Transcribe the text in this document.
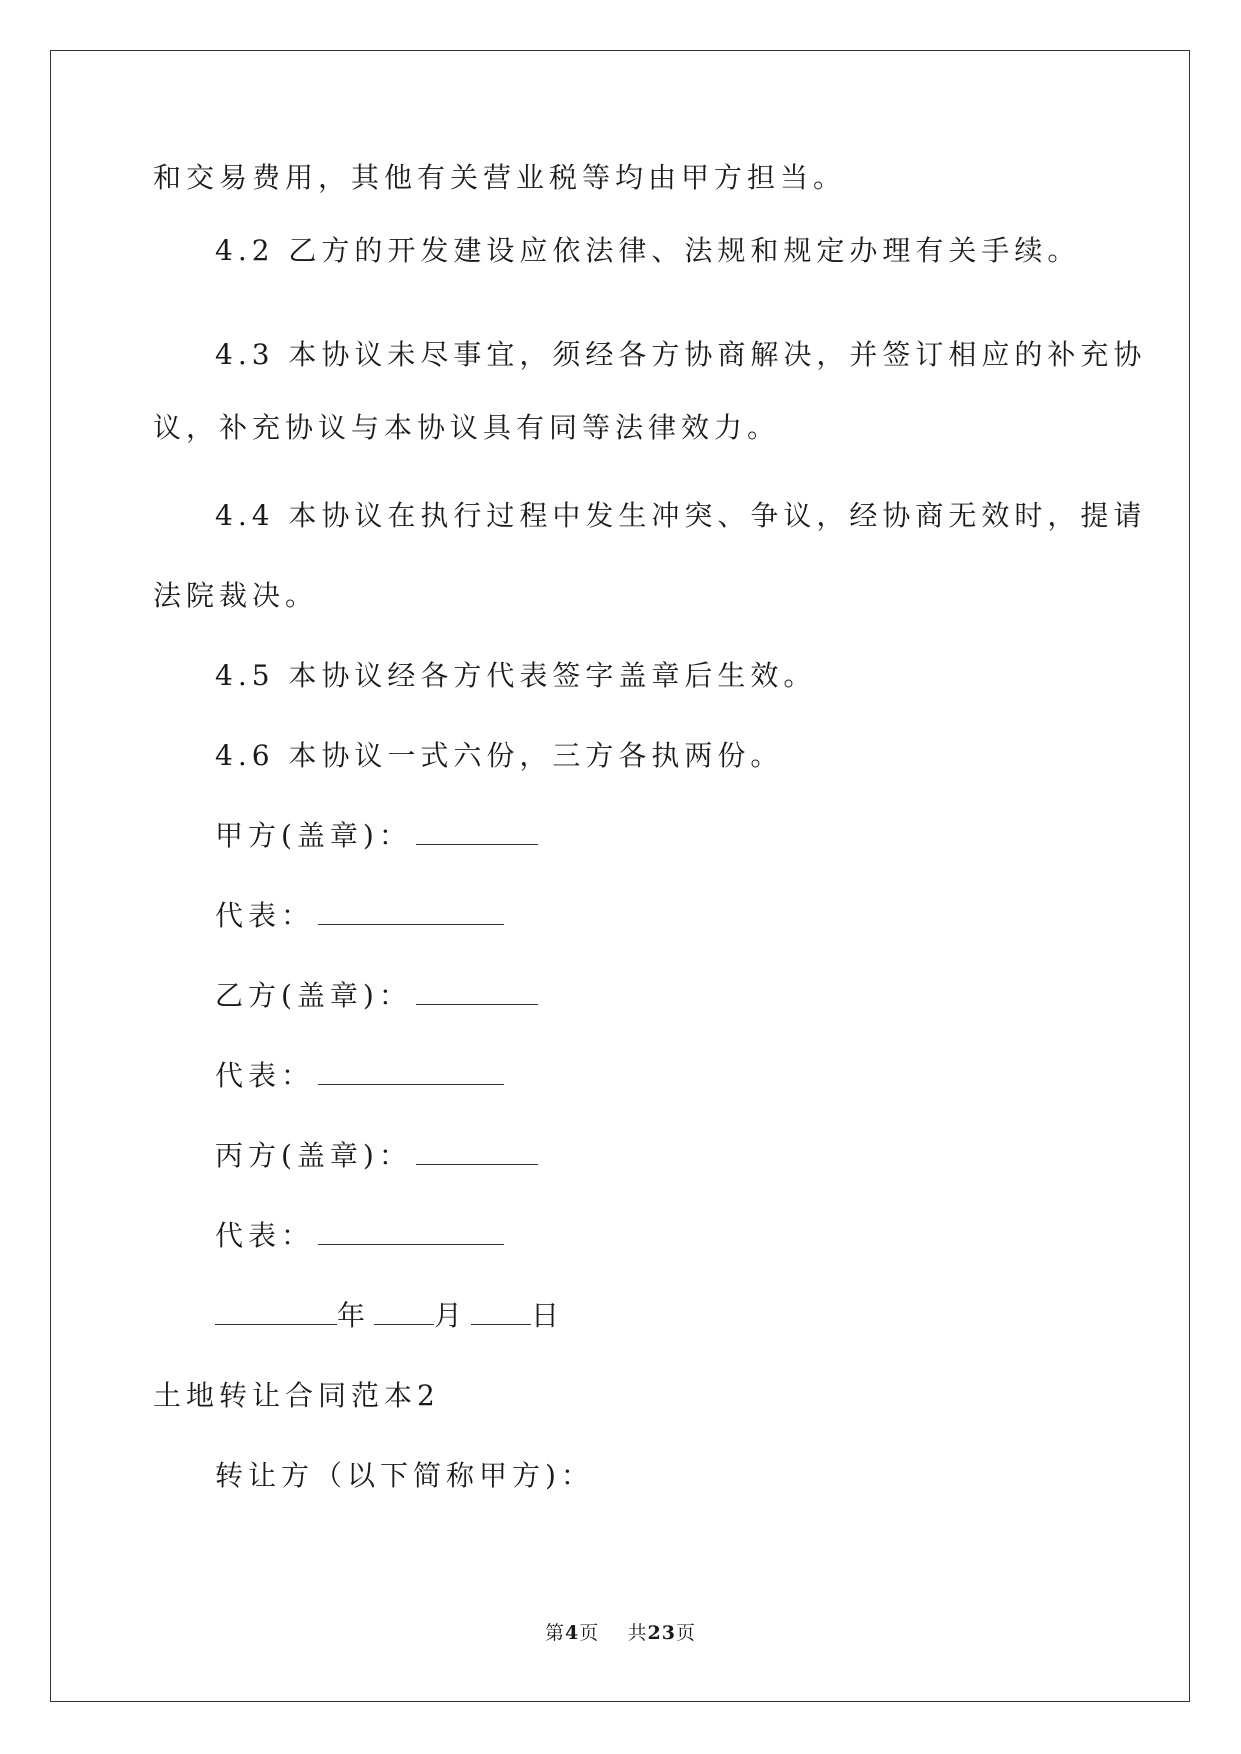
和交易费用，其他有关营业税等均由甲方担当。
4.2 乙方的开发建设应依法律、法规和规定办理有关手续。
4.3 本协议未尽事宜，须经各方协商解决，并签订相应的补充协
议，补充协议与本协议具有同等法律效力。
4.4 本协议在执行过程中发生冲突、争议，经协商无效时，提请
法院裁决。
4.5 本协议经各方代表签字盖章后生效。
4.6 本协议一式六份，三方各执两份。
甲方(盖章)：
代表：
乙方(盖章)：
代表：
丙方(盖章)：
代表：
年 月 日
土地转让合同范本2
转让方（以下简称甲方)：
第4页 共23页
